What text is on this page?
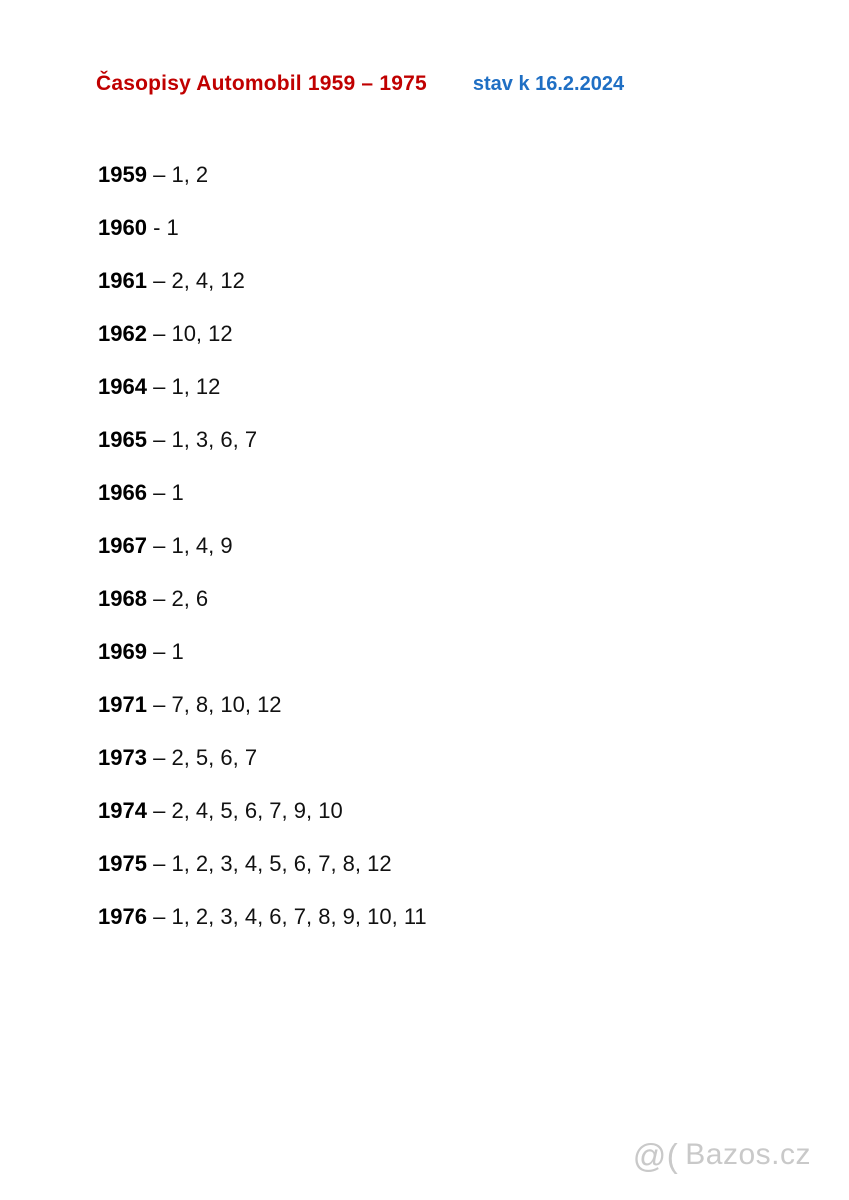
Časopisy Automobil 1959 – 1975 stav k 16.2.2024
1959 – 1, 2
1960 - 1
1961 – 2, 4, 12
1962 – 10, 12
1964 – 1, 12
1965 – 1, 3, 6, 7
1966 – 1
1967 – 1, 4, 9
1968 – 2, 6
1969 – 1
1971 – 7, 8, 10, 12
1973 – 2, 5, 6, 7
1974 – 2, 4, 5, 6, 7, 9, 10
1975 – 1, 2, 3, 4, 5, 6, 7, 8, 12
1976 – 1, 2, 3, 4, 6, 7, 8, 9, 10, 11
@( Bazos.cz
